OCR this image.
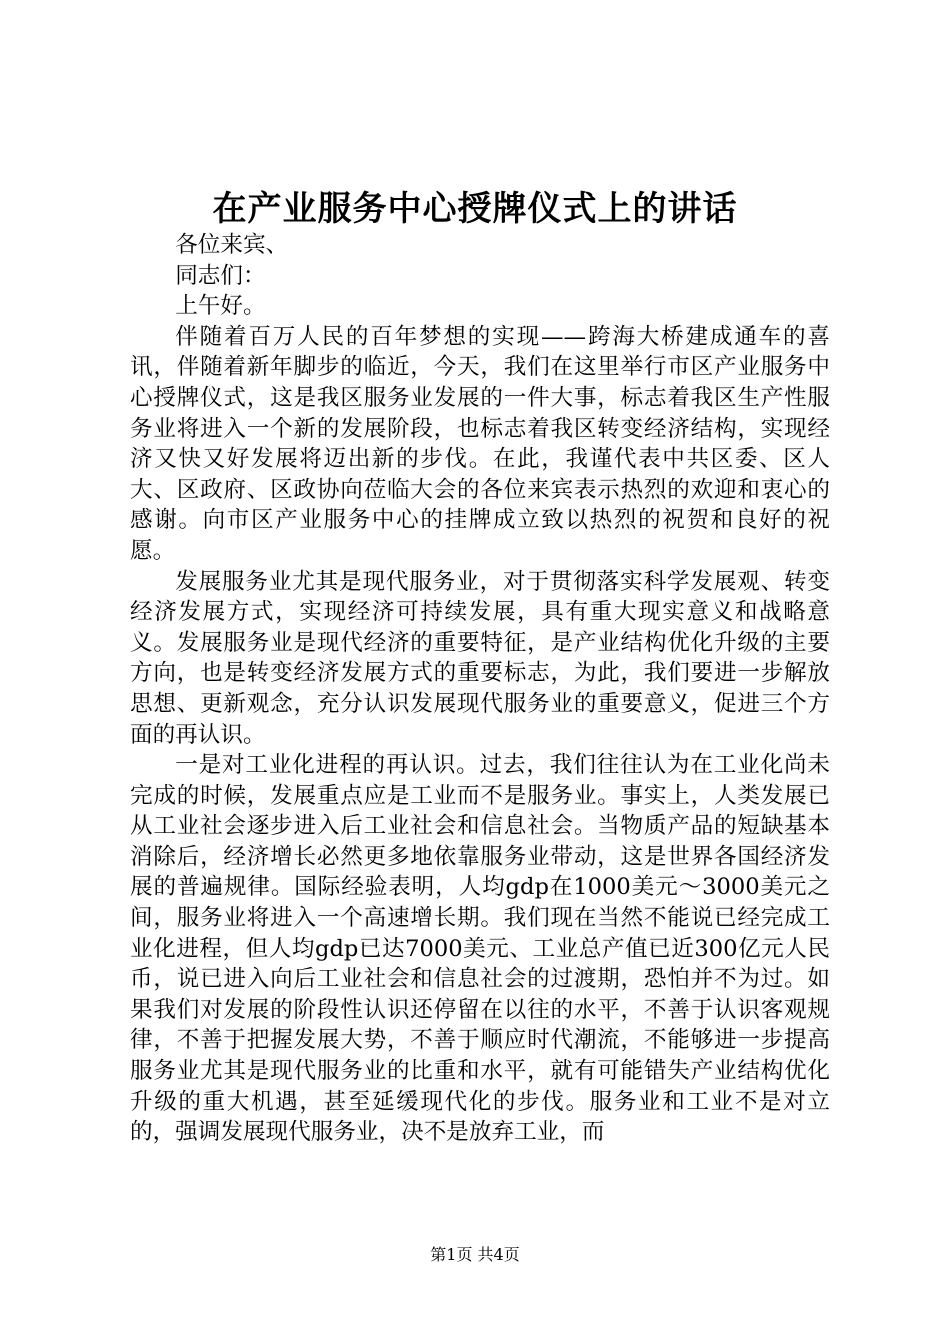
在产业服务中心授牌仪式上的讲话

各位来宾、

同志们：

上午好。

伴随着百万人民的百年梦想的实现——跨海大桥建成通车的喜讯，伴随着新年脚步的临近，今天，我们在这里举行市区产业服务中心授牌仪式，这是我区服务业发展的一件大事，标志着我区生产性服务业将进入一个新的发展阶段，也标志着我区转变经济结构，实现经济又快又好发展将迈出新的步伐。在此，我谨代表中共区委、区人大、区政府、区政协向莅临大会的各位来宾表示热烈的欢迎和衷心的感谢。向市区产业服务中心的挂牌成立致以热烈的祝贺和良好的祝愿。

发展服务业尤其是现代服务业，对于贯彻落实科学发展观、转变经济发展方式，实现经济可持续发展，具有重大现实意义和战略意义。发展服务业是现代经济的重要特征，是产业结构优化升级的主要方向，也是转变经济发展方式的重要标志，为此，我们要进一步解放思想、更新观念，充分认识发展现代服务业的重要意义，促进三个方面的再认识。

一是对工业化进程的再认识。过去，我们往往认为在工业化尚未完成的时候，发展重点应是工业而不是服务业。事实上，人类发展已从工业社会逐步进入后工业社会和信息社会。当物质产品的短缺基本消除后，经济增长必然更多地依靠服务业带动，这是世界各国经济发展的普遍规律。国际经验表明，人均gdp在1000美元～3000美元之间，服务业将进入一个高速增长期。我们现在当然不能说已经完成工业化进程，但人均gdp已达7000美元、工业总产值已近300亿元人民币，说已进入向后工业社会和信息社会的过渡期，恐怕并不为过。如果我们对发展的阶段性认识还停留在以往的水平，不善于认识客观规律，不善于把握发展大势，不善于顺应时代潮流，不能够进一步提高服务业尤其是现代服务业的比重和水平，就有可能错失产业结构优化升级的重大机遇，甚至延缓现代化的步伐。服务业和工业不是对立的，强调发展现代服务业，决不是放弃工业，而

第1页 共4页
